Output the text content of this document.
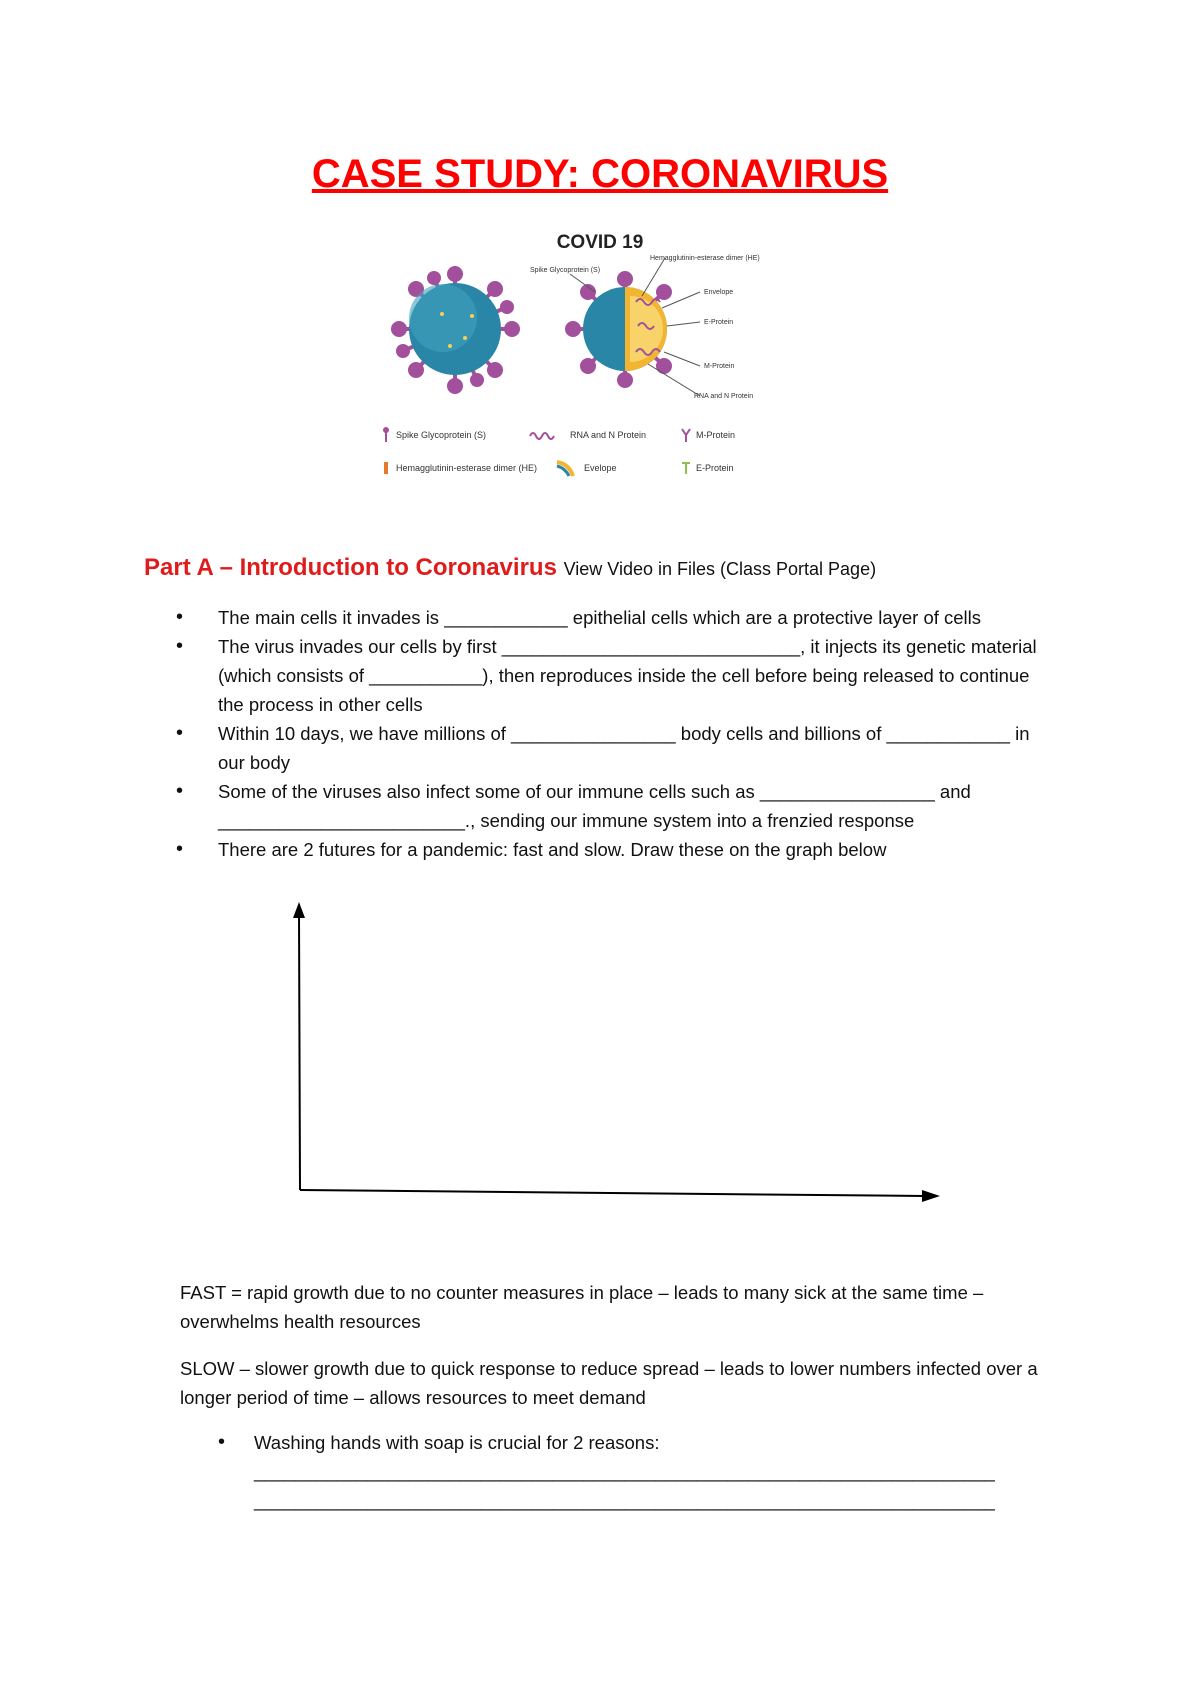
CASE STUDY: CORONAVIRUS
COVID 19
Spike Glycoprotein (S)
Hemagglutinin-esterase dimer (HE)
Envelope
E-Protein
M-Protein
RNA and N Protein
Spike Glycoprotein (S)	RNA and N Protein	M-Protein
Hemagglutinin-esterase dimer (HE)	Evelope	E-Protein
Part A – Introduction to Coronavirus View Video in Files (Class Portal Page)
• The main cells it invades is ____________ epithelial cells which are a protective layer of cells
• The virus invades our cells by first _____________________________, it injects its genetic material (which consists of ___________), then reproduces inside the cell before being released to continue the process in other cells
• Within 10 days, we have millions of ________________ body cells and billions of ____________ in our body
• Some of the viruses also infect some of our immune cells such as _________________ and ________________________., sending our immune system into a frenzied response
• There are 2 futures for a pandemic: fast and slow. Draw these on the graph below
FAST = rapid growth due to no counter measures in place – leads to many sick at the same time – overwhelms health resources
SLOW – slower growth due to quick response to reduce spread – leads to lower numbers infected over a longer period of time – allows resources to meet demand
•	Washing hands with soap is crucial for 2 reasons:
________________________________________________________________________
________________________________________________________________________
